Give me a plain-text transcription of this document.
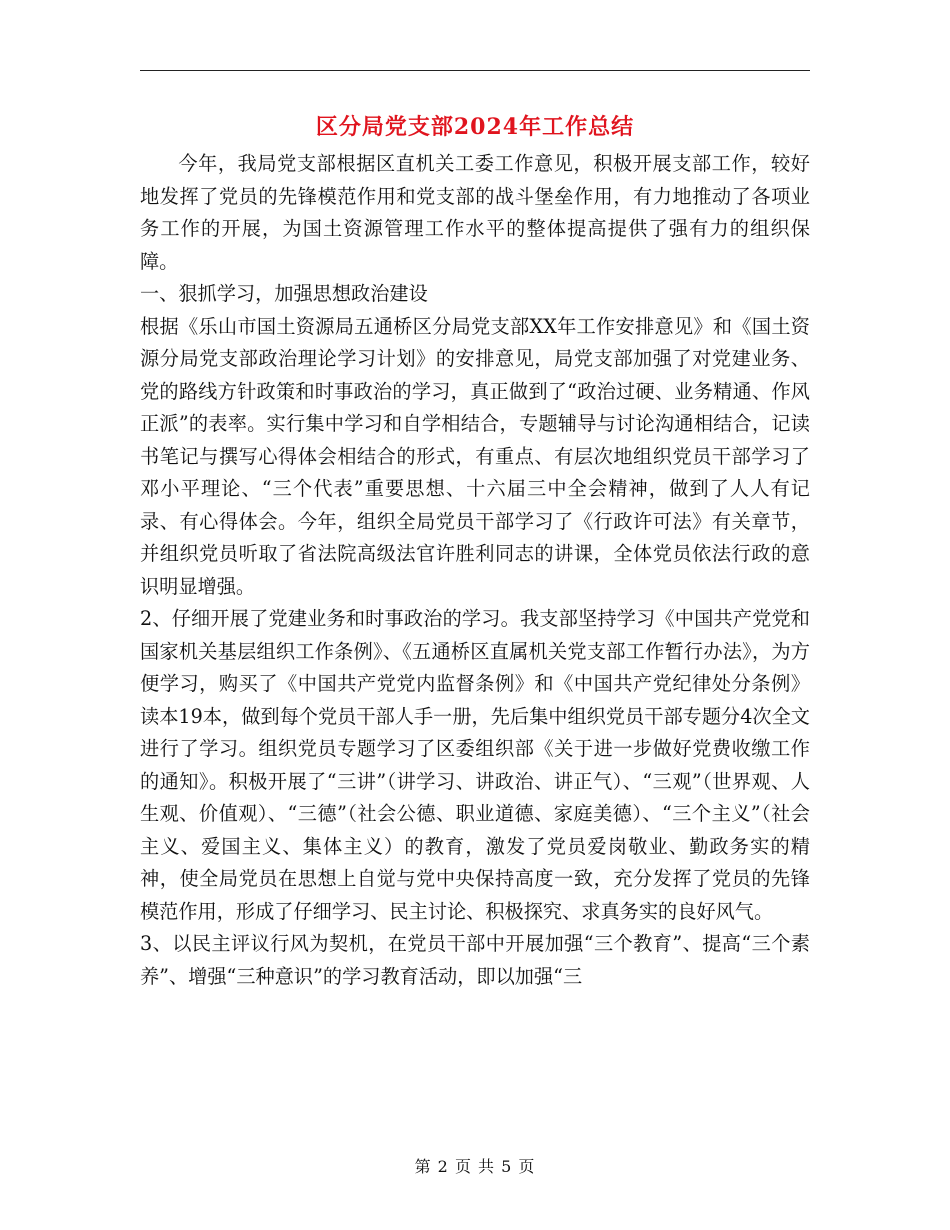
区分局党支部2024年工作总结

今年，我局党支部根据区直机关工委工作意见，积极开展支部工作，较好地发挥了党员的先锋模范作用和党支部的战斗堡垒作用，有力地推动了各项业务工作的开展，为国土资源管理工作水平的整体提高提供了强有力的组织保障。

一、狠抓学习，加强思想政治建设

根据《乐山市国土资源局五通桥区分局党支部XX年工作安排意见》和《国土资源分局党支部政治理论学习计划》的安排意见，局党支部加强了对党建业务、党的路线方针政策和时事政治的学习，真正做到了“政治过硬、业务精通、作风正派”的表率。实行集中学习和自学相结合，专题辅导与讨论沟通相结合，记读书笔记与撰写心得体会相结合的形式，有重点、有层次地组织党员干部学习了邓小平理论、“三个代表”重要思想、十六届三中全会精神，做到了人人有记录、有心得体会。今年，组织全局党员干部学习了《行政许可法》有关章节，并组织党员听取了省法院高级法官许胜利同志的讲课，全体党员依法行政的意识明显增强。

2、仔细开展了党建业务和时事政治的学习。我支部坚持学习《中国共产党党和国家机关基层组织工作条例》、《五通桥区直属机关党支部工作暂行办法》，为方便学习，购买了《中国共产党党内监督条例》和《中国共产党纪律处分条例》读本19本，做到每个党员干部人手一册，先后集中组织党员干部专题分4次全文进行了学习。组织党员专题学习了区委组织部《关于进一步做好党费收缴工作的通知》。积极开展了“三讲”（讲学习、讲政治、讲正气）、“三观”（世界观、人生观、价值观）、“三德”（社会公德、职业道德、家庭美德）、“三个主义”（社会主义、爱国主义、集体主义）的教育，激发了党员爱岗敬业、勤政务实的精神，使全局党员在思想上自觉与党中央保持高度一致，充分发挥了党员的先锋模范作用，形成了仔细学习、民主讨论、积极探究、求真务实的良好风气。

3、以民主评议行风为契机，在党员干部中开展加强“三个教育”、提高“三个素养”、增强“三种意识”的学习教育活动，即以加强“三

第 2 页 共 5 页
